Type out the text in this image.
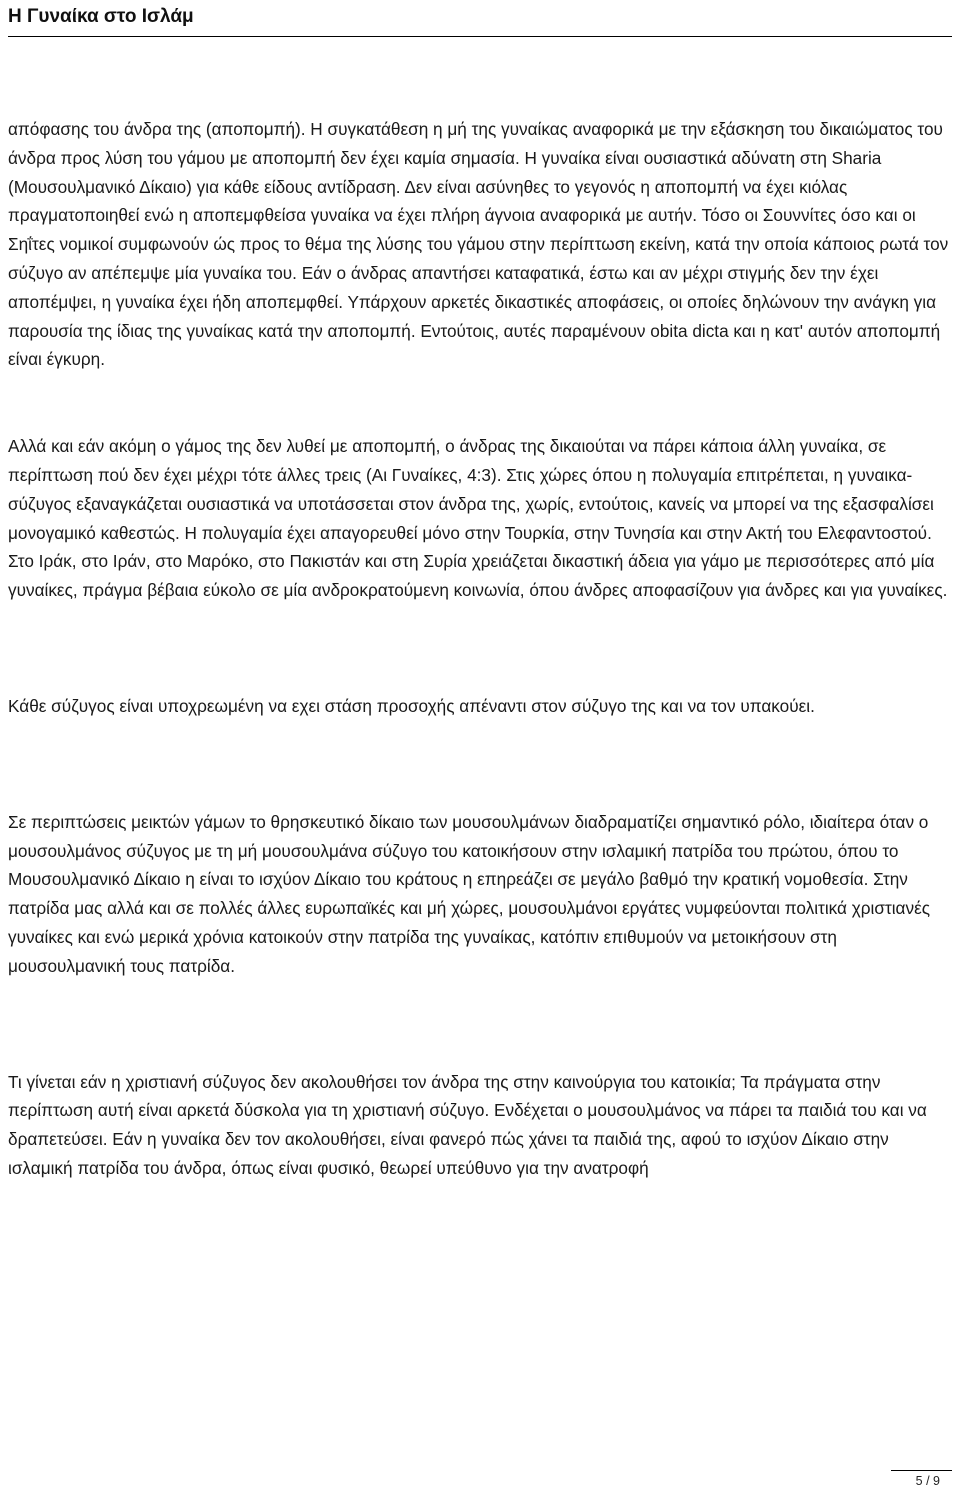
Η Γυναίκα στο Ισλάμ

απόφασης του άνδρα της (αποπομπή). Η συγκατάθεση η μή της γυναίκας αναφορικά με την εξάσκηση του δικαιώματος του άνδρα προς λύση του γάμου με αποπομπή δεν έχει καμία σημασία. Η γυναίκα είναι ουσιαστικά αδύνατη στη Sharia (Μουσουλμανικό Δίκαιο) για κάθε είδους αντίδραση. Δεν είναι ασύνηθες το γεγονός η αποπομπή να έχει κιόλας πραγματοποιηθεί ενώ η αποπεμφθείσα γυναίκα να έχει πλήρη άγνοια αναφορικά με αυτήν. Τόσο οι Σουννίτες όσο και οι Σηΐτες νομικοί συμφωνούν ώς προς το θέμα της λύσης του γάμου στην περίπτωση εκείνη, κατά την οποία κάποιος ρωτά τον σύζυγο αν απέπεμψε μία γυναίκα του. Εάν ο άνδρας απαντήσει καταφατικά, έστω και αν μέχρι στιγμής δεν την έχει αποπέμψει, η γυναίκα έχει ήδη αποπεμφθεί. Υπάρχουν αρκετές δικαστικές αποφάσεις, οι οποίες δηλώνουν την ανάγκη για παρουσία της ίδιας της γυναίκας κατά την αποπομπή. Εντούτοις, αυτές παραμένουν obita dicta και η κατ' αυτόν αποπομπή είναι έγκυρη.

Αλλά και εάν ακόμη ο γάμος της δεν λυθεί με αποπομπή, ο άνδρας της δικαιούται να πάρει κάποια άλλη γυναίκα, σε περίπτωση πού δεν έχει μέχρι τότε άλλες τρεις (Αι Γυναίκες, 4:3). Στις χώρες όπου η πολυγαμία επιτρέπεται, η γυναικα-σύζυγος εξαναγκάζεται ουσιαστικά να υποτάσσεται στον άνδρα της, χωρίς, εντούτοις, κανείς να μπορεί να της εξασφαλίσει μονογαμικό καθεστώς. Η πολυγαμία έχει απαγορευθεί μόνο στην Τουρκία, στην Τυνησία και στην Ακτή του Ελεφαντοστού. Στο Ιράκ, στο Ιράν, στο Μαρόκο, στο Πακιστάν και στη Συρία χρειάζεται δικαστική άδεια για γάμο με περισσότερες από μία γυναίκες, πράγμα βέβαια εύκολο σε μία ανδροκρατούμενη κοινωνία, όπου άνδρες αποφασίζουν για άνδρες και για γυναίκες.

Κάθε σύζυγος είναι υποχρεωμένη να εχει στάση προσοχής απέναντι στον σύζυγο της και να τον υπακούει.

Σε περιπτώσεις μεικτών γάμων το θρησκευτικό δίκαιο των μουσουλμάνων διαδραματίζει σημαντικό ρόλο, ιδιαίτερα όταν ο μουσουλμάνος σύζυγος με τη μή μουσουλμάνα σύζυγο του κατοικήσουν στην ισλαμική πατρίδα του πρώτου, όπου το Μουσουλμανικό Δίκαιο η είναι το ισχύον Δίκαιο του κράτους η επηρεάζει σε μεγάλο βαθμό την κρατική νομοθεσία. Στην πατρίδα μας αλλά και σε πολλές άλλες ευρωπαϊκές και μή χώρες, μουσουλμάνοι εργάτες νυμφεύονται πολιτικά χριστιανές γυναίκες και ενώ μερικά χρόνια κατοικούν στην πατρίδα της γυναίκας, κατόπιν επιθυμούν να μετοικήσουν στη μουσουλμανική τους πατρίδα.

Τι γίνεται εάν η χριστιανή σύζυγος δεν ακολουθήσει τον άνδρα της στην καινούργια του κατοικία; Τα πράγματα στην περίπτωση αυτή είναι αρκετά δύσκολα για τη χριστιανή σύζυγο. Ενδέχεται ο μουσουλμάνος να πάρει τα παιδιά του και να δραπετεύσει. Εάν η γυναίκα δεν τον ακολουθήσει, είναι φανερό πώς χάνει τα παιδιά της, αφού το ισχύον Δίκαιο στην ισλαμική πατρίδα του άνδρα, όπως είναι φυσικό, θεωρεί υπεύθυνο για την ανατροφή

5 / 9
